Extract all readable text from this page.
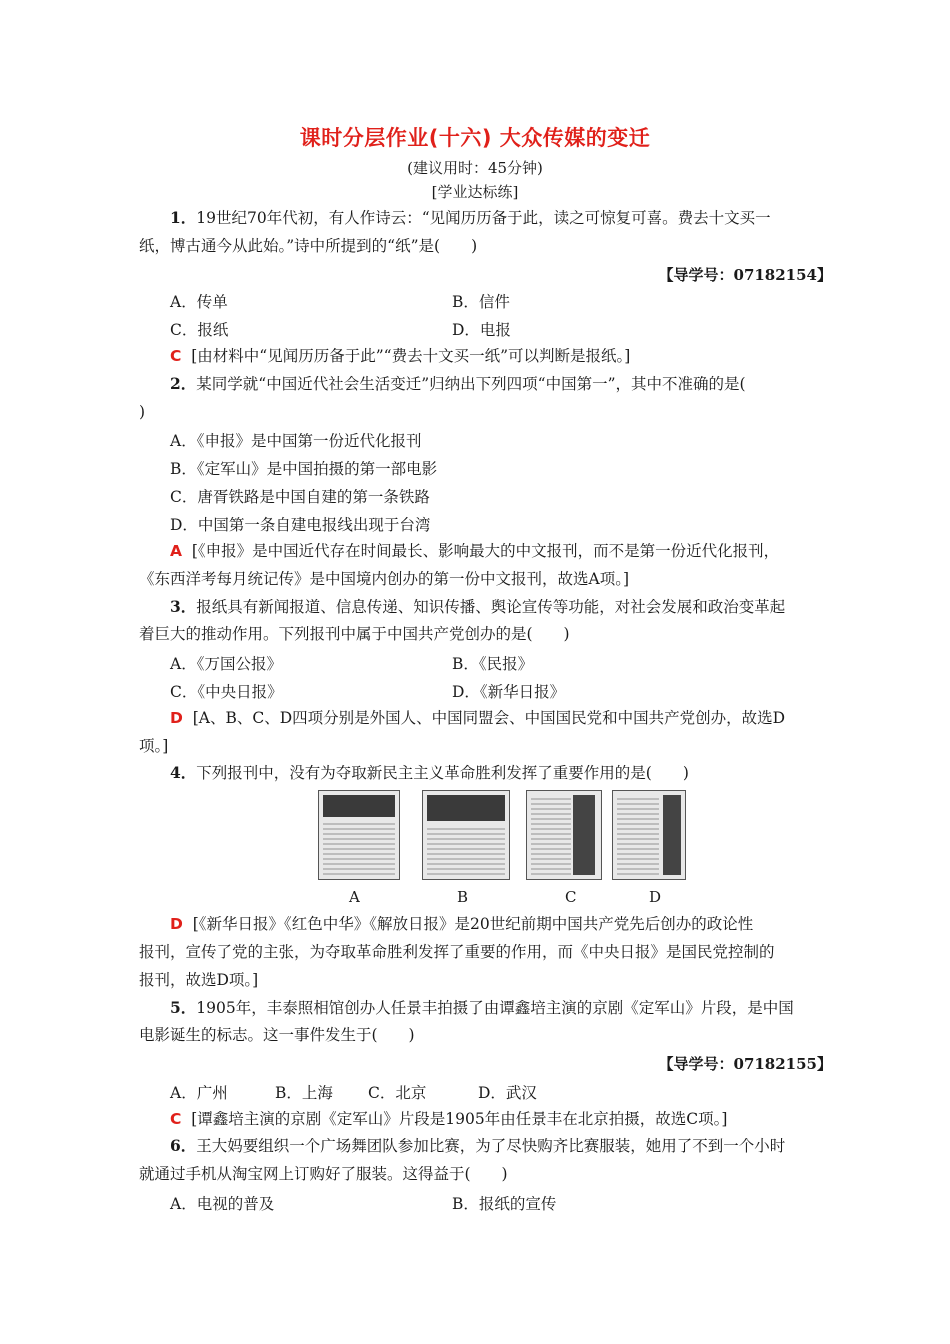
课时分层作业(十六) 大众传媒的变迁
(建议用时：45分钟)
[学业达标练]
1．19世纪70年代初，有人作诗云：“见闻历历备于此，读之可惊复可喜。费去十文买一
纸，博古通今从此始。”诗中所提到的“纸”是(　　)
【导学号：07182154】
A．传单	B．信件
C．报纸	D．电报
C [由材料中“见闻历历备于此”“费去十文买一纸”可以判断是报纸。]
2．某同学就“中国近代社会生活变迁”归纳出下列四项“中国第一”，其中不准确的是(
)
A．《申报》是中国第一份近代化报刊
B．《定军山》是中国拍摄的第一部电影
C．唐胥铁路是中国自建的第一条铁路
D．中国第一条自建电报线出现于台湾
A [《申报》是中国近代存在时间最长、影响最大的中文报刊，而不是第一份近代化报刊，
《东西洋考每月统记传》是中国境内创办的第一份中文报刊，故选A项。]
3．报纸具有新闻报道、信息传递、知识传播、舆论宣传等功能，对社会发展和政治变革起
着巨大的推动作用。下列报刊中属于中国共产党创办的是(　　)
A．《万国公报》	B．《民报》
C．《中央日报》	D．《新华日报》
D [A、B、C、D四项分别是外国人、中国同盟会、中国国民党和中国共产党创办，故选D
项。]
4．下列报刊中，没有为夺取新民主主义革命胜利发挥了重要作用的是(　　)
A	B	C	D
D [《新华日报》《红色中华》《解放日报》是20世纪前期中国共产党先后创办的政论性
报刊，宣传了党的主张，为夺取革命胜利发挥了重要的作用，而《中央日报》是国民党控制的
报刊，故选D项。]
5．1905年，丰泰照相馆创办人任景丰拍摄了由谭鑫培主演的京剧《定军山》片段，是中国
电影诞生的标志。这一事件发生于(　　)
【导学号：07182155】
A．广州	B．上海 C．北京	D．武汉
C [谭鑫培主演的京剧《定军山》片段是1905年由任景丰在北京拍摄，故选C项。]
6．王大妈要组织一个广场舞团队参加比赛，为了尽快购齐比赛服装，她用了不到一个小时
就通过手机从淘宝网上订购好了服装。这得益于(　　)
A．电视的普及	B．报纸的宣传
